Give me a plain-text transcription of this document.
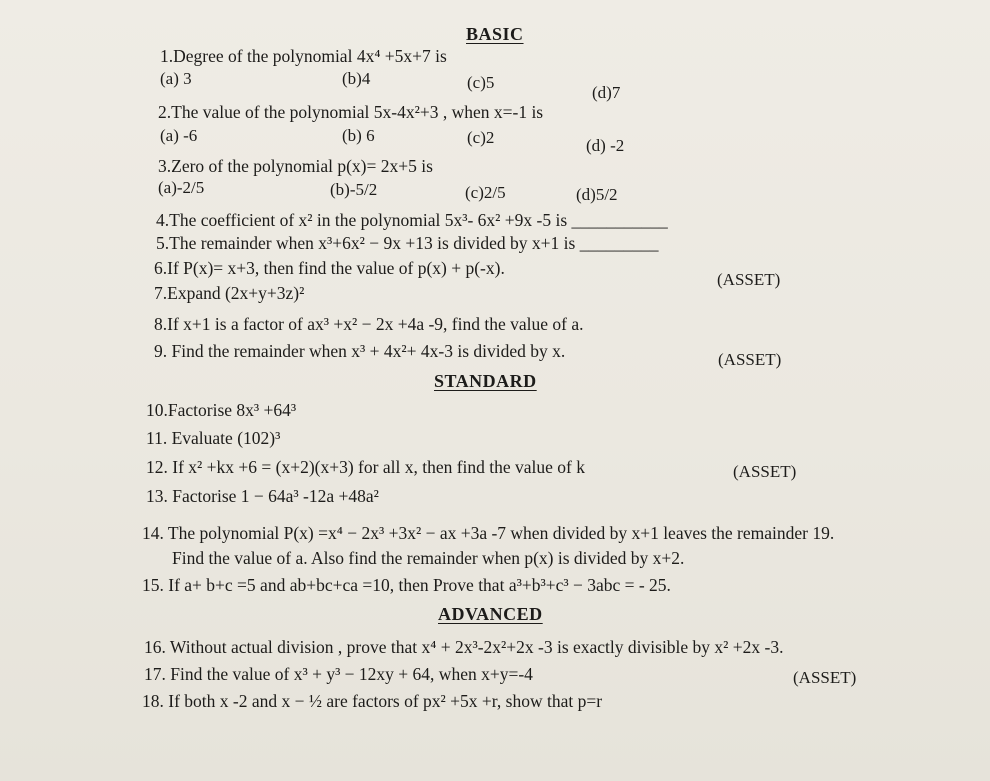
BASIC
1.Degree of the polynomial 4x⁴ +5x+7 is
(a) 3	(b)4	(c)5
(d)7
2.The value of the polynomial 5x-4x²+3 , when x=-1 is
(a) -6	(b) 6	(c)2	(d) -2
3.Zero of the polynomial p(x)= 2x+5 is
(a)-2/5	(b)-5/2	(c)2/5	(d)5/2
4.The coefficient of x² in the polynomial 5x³- 6x² +9x -5 is ___________
5.The remainder when x³+6x² − 9x +13 is divided by x+1 is _________
6.If P(x)= x+3, then find the value of p(x) + p(-x).
(ASSET)
7.Expand (2x+y+3z)²
8.If x+1 is a factor of ax³ +x² − 2x +4a -9, find the value of a.
9. Find the remainder when x³ + 4x²+ 4x-3 is divided by x.	(ASSET)
STANDARD
10.Factorise 8x³ +64³
11. Evaluate (102)³
12. If x² +kx +6 = (x+2)(x+3) for all x, then find the value of k	(ASSET)
13. Factorise 1 − 64a³ -12a +48a²
14. The polynomial P(x) =x⁴ − 2x³ +3x² − ax +3a -7 when divided by x+1 leaves the remainder 19.
Find the value of a. Also find the remainder when p(x) is divided by x+2.
15. If a+ b+c =5 and ab+bc+ca =10, then Prove that a³+b³+c³ − 3abc = - 25.
ADVANCED
16. Without actual division , prove that x⁴ + 2x³-2x²+2x -3 is exactly divisible by x² +2x -3.
17. Find the value of x³ + y³ − 12xy + 64, when x+y=-4	(ASSET)
18. If both x -2 and x − ½ are factors of px² +5x +r, show that p=r
